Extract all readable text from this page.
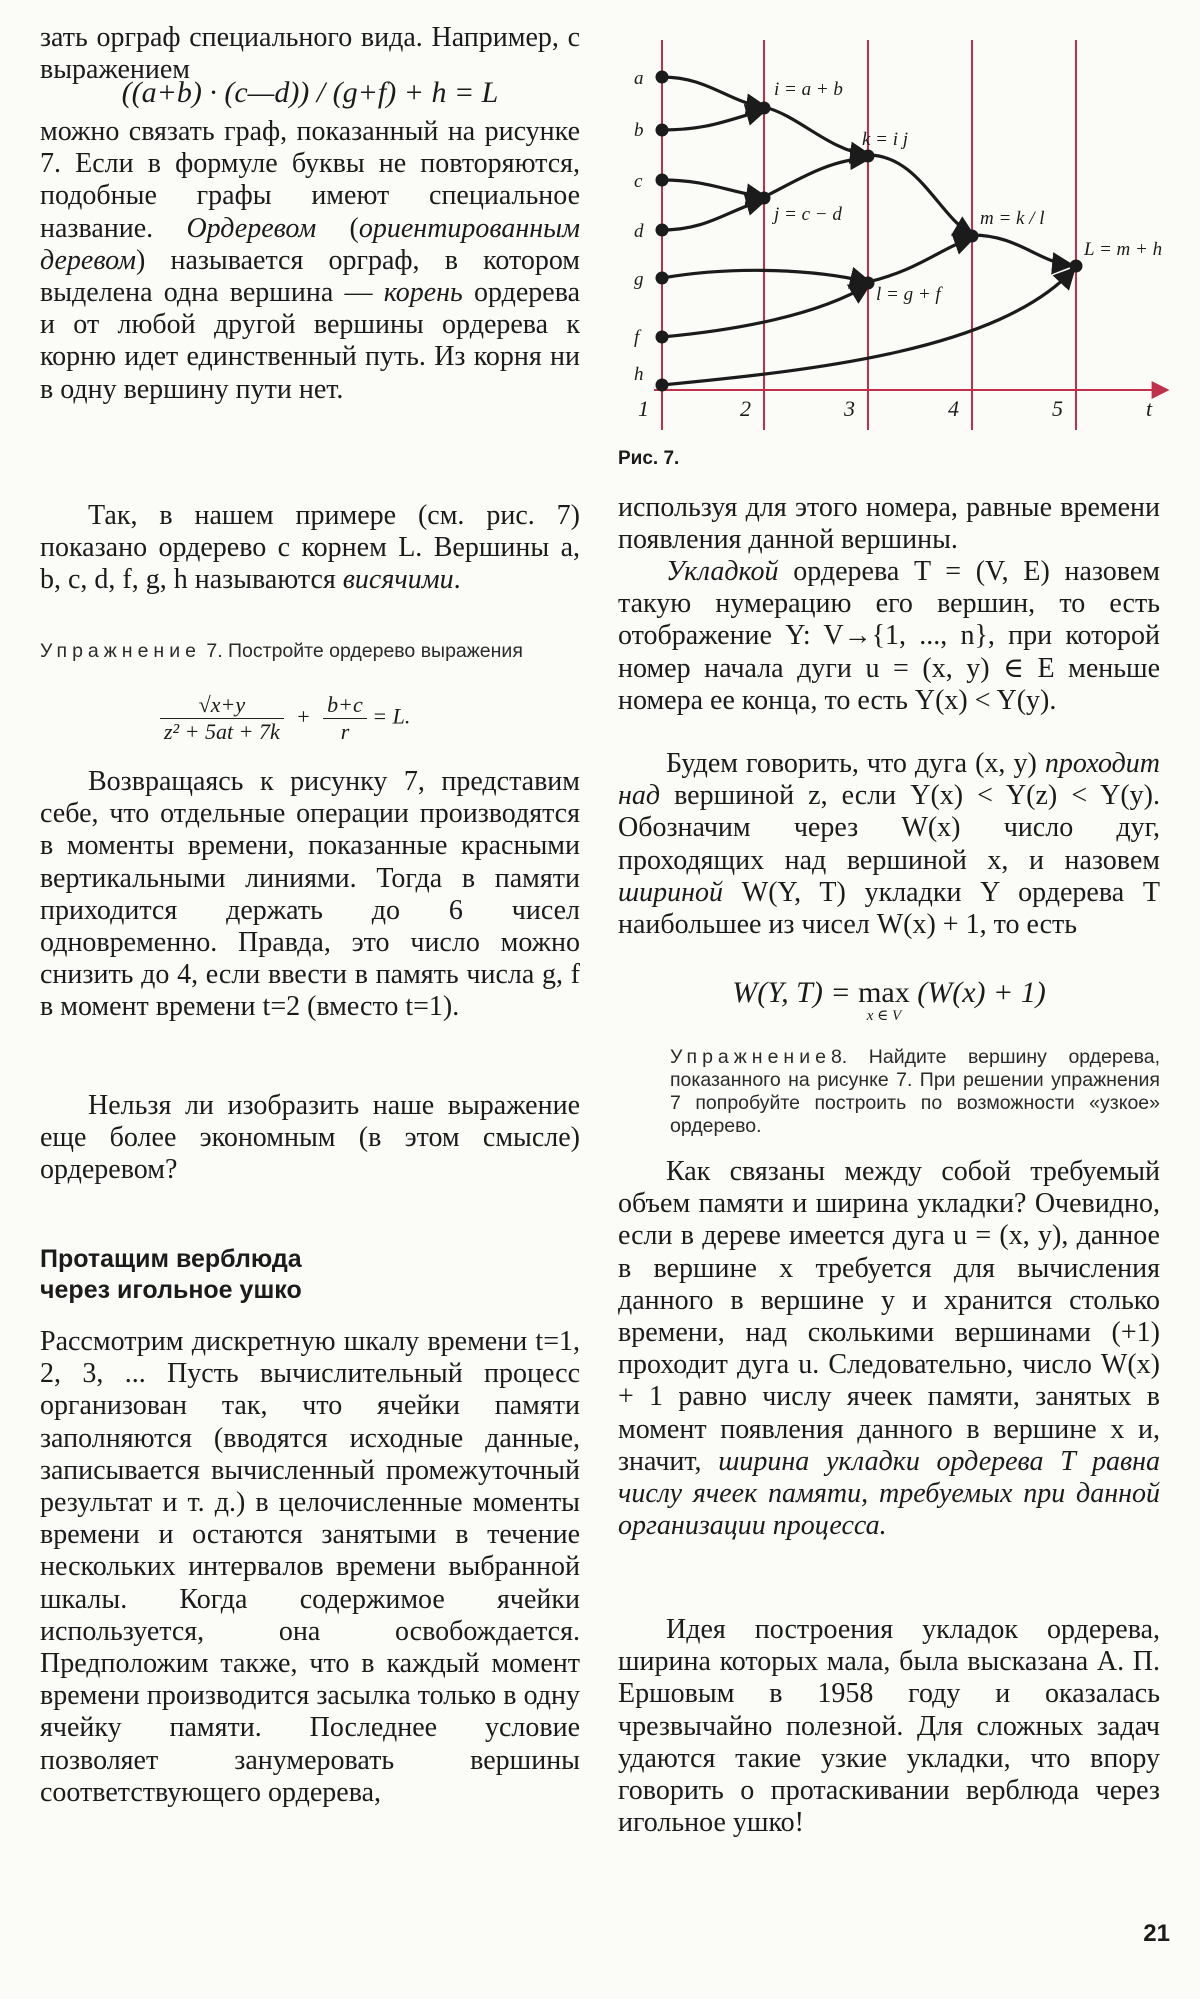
зать орграф специального вида. Например, с выражением

((a+b) · (c—d)) / (g+f) + h = L

можно связать граф, показанный на рисунке 7. Если в формуле буквы не повторяются, подобные графы имеют специальное название. Ордеревом (ориентированным деревом) называется орграф, в котором выделена одна вершина — корень ордерева и от любой другой вершины ордерева к корню идет единственный путь. Из корня ни в одну вершину пути нет.

Так, в нашем примере (см. рис. 7) показано ордерево с корнем L. Вершины a, b, c, d, f, g, h называются висячими.

Упражнение 7. Постройте ордерево выражения

$\frac{√x+y}{\text{z² + 5at + 7k}} + \frac{b+c}{r} = L$.

Возвращаясь к рисунку 7, представим себе, что отдельные операции производятся в моменты времени, показанные красными вертикальными линиями. Тогда в памяти приходится держать до 6 чисел одновременно. Правда, это число можно снизить до 4, если ввести в память числа g, f в момент времени t=2 (вместо t=1).

Нельзя ли изобразить наше выражение еще более экономным (в этом смысле) ордеревом?

Протащим верблюда через игольное ушко

Рассмотрим дискретную шкалу времени t=1, 2, 3, ... Пусть вычислительный процесс организован так, что ячейки памяти заполняются (вводятся исходные данные, записывается вычисленный промежуточный результат и т. д.) в целочисленные моменты времени и остаются занятыми в течение нескольких интервалов времени выбранной шкалы. Когда содержимое ячейки используется, она освобождается. Предположим также, что в каждый момент времени производится засылка только в одну ячейку памяти. Последнее условие позволяет занумеровать вершины соответствующего ордерева,

a
b
c
d
g
f
h
i = a + b
j = c − d
k = i j
l = g + f
m = k / l
L = m + h
1	2	3	4	5	t
Рис. 7.

используя для этого номера, равные времени появления данной вершины.

Укладкой ордерева T = (V, E) назовем такую нумерацию его вершин, то есть отображение Y: V→{1, ..., n}, при которой номер начала дуги u = (x, y) ∈ E меньше номера ее конца, то есть Y(x) < Y(y).

Будем говорить, что дуга (x, y) проходит над вершиной z, если Y(x) < Y(z) < Y(y). Обозначим через W(x) число дуг, проходящих над вершиной x, и назовем шириной W(Y, T) укладки Y ордерева T наибольшее из чисел W(x) + 1, то есть

W(Y, T) = max
x ∈ V
(W(x) + 1)

Упражнение8. Найдите вершину ордерева, показанного на рисунке 7. При решении упражнения 7 попробуйте построить по возможности «узкое» ордерево.

Как связаны между собой требуемый объем памяти и ширина укладки? Очевидно, если в дереве имеется дуга u = (x, y), данное в вершине x требуется для вычисления данного в вершине y и хранится столько времени, над сколькими вершинами (+1) проходит дуга u. Следовательно, число W(x) + 1 равно числу ячеек памяти, занятых в момент появления данного в вершине x и, значит, ширина укладки ордерева T равна числу ячеек памяти, требуемых при данной организации процесса.

Идея построения укладок ордерева, ширина которых мала, была высказана А. П. Ершовым в 1958 году и оказалась чрезвычайно полезной. Для сложных задач удаются такие узкие укладки, что впору говорить о протаскивании верблюда через игольное ушко!

21
